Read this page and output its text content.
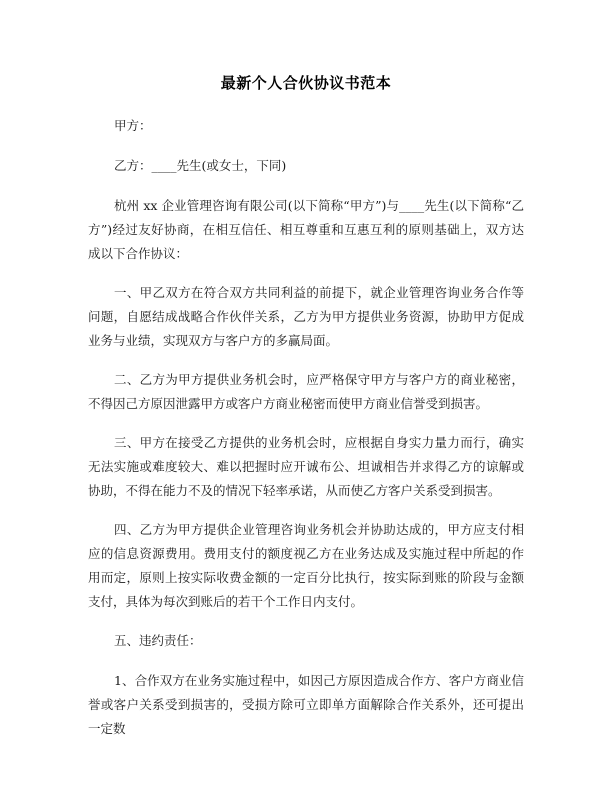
最新个人合伙协议书范本

甲方：

乙方：____先生(或女士，下同)

杭州 xx 企业管理咨询有限公司(以下简称“甲方”)与____先生(以下简称“乙方”)经过友好协商，在相互信任、相互尊重和互惠互利的原则基础上，双方达成以下合作协议：

一、甲乙双方在符合双方共同利益的前提下，就企业管理咨询业务合作等问题，自愿结成战略合作伙伴关系，乙方为甲方提供业务资源，协助甲方促成业务与业绩，实现双方与客户方的多赢局面。

二、乙方为甲方提供业务机会时，应严格保守甲方与客户方的商业秘密，不得因己方原因泄露甲方或客户方商业秘密而使甲方商业信誉受到损害。

三、甲方在接受乙方提供的业务机会时，应根据自身实力量力而行，确实无法实施或难度较大、难以把握时应开诚布公、坦诚相告并求得乙方的谅解或协助，不得在能力不及的情况下轻率承诺，从而使乙方客户关系受到损害。

四、乙方为甲方提供企业管理咨询业务机会并协助达成的，甲方应支付相应的信息资源费用。费用支付的额度视乙方在业务达成及实施过程中所起的作用而定，原则上按实际收费金额的一定百分比执行，按实际到账的阶段与金额支付，具体为每次到账后的若干个工作日内支付。

五、违约责任：

1、合作双方在业务实施过程中，如因己方原因造成合作方、客户方商业信誉或客户关系受到损害的，受损方除可立即单方面解除合作关系外，还可提出一定数
